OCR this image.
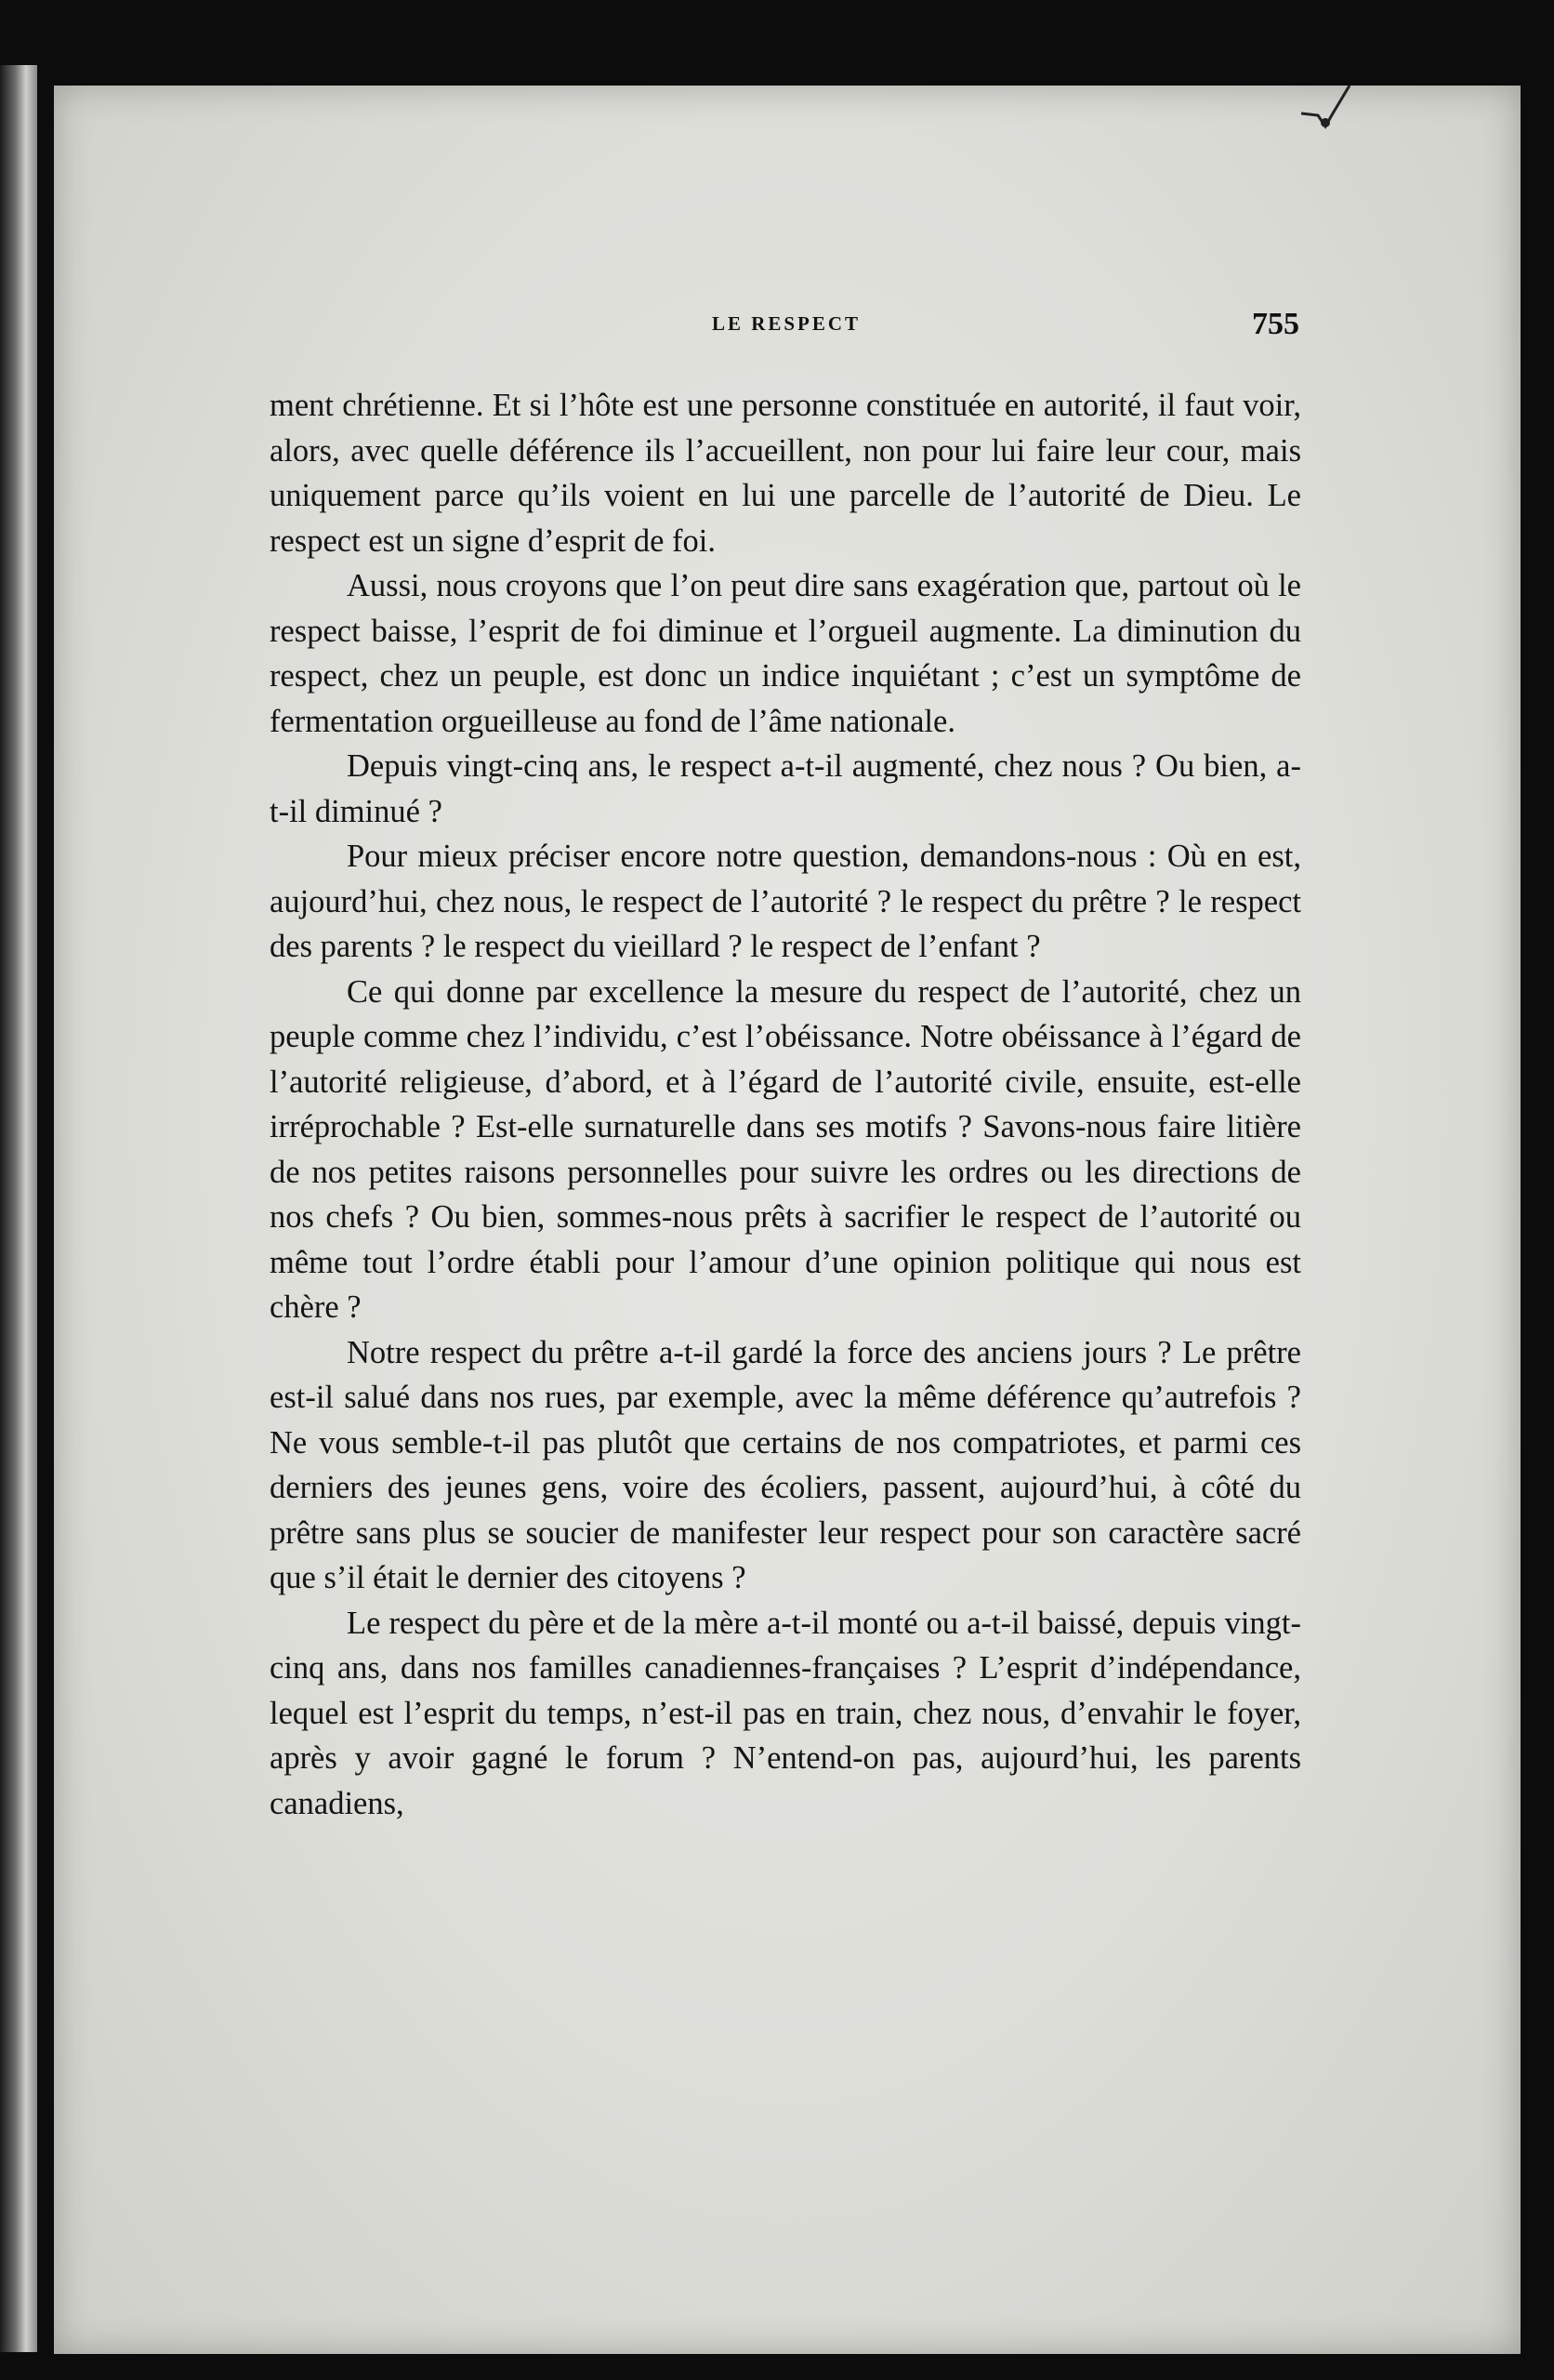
LE RESPECT	755

ment chrétienne. Et si l’hôte est une personne constituée en autorité, il faut voir, alors, avec quelle déférence ils l’accueillent, non pour lui faire leur cour, mais uniquement parce qu’ils voient en lui une parcelle de l’autorité de Dieu. Le respect est un signe d’esprit de foi.

Aussi, nous croyons que l’on peut dire sans exagération que, partout où le respect baisse, l’esprit de foi diminue et l’orgueil augmente. La diminution du respect, chez un peuple, est donc un indice inquiétant ; c’est un symptôme de fermentation orgueilleuse au fond de l’âme nationale.

Depuis vingt-cinq ans, le respect a-t-il augmenté, chez nous ? Ou bien, a-t-il diminué ?

Pour mieux préciser encore notre question, demandons-nous : Où en est, aujourd’hui, chez nous, le respect de l’autorité ? le respect du prêtre ? le respect des parents ? le respect du vieillard ? le respect de l’enfant ?

Ce qui donne par excellence la mesure du respect de l’autorité, chez un peuple comme chez l’individu, c’est l’obéissance. Notre obéissance à l’égard de l’autorité religieuse, d’abord, et à l’égard de l’autorité civile, ensuite, est-elle irréprochable ? Est-elle surnaturelle dans ses motifs ? Savons-nous faire litière de nos petites raisons personnelles pour suivre les ordres ou les directions de nos chefs ? Ou bien, sommes-nous prêts à sacrifier le respect de l’autorité ou même tout l’ordre établi pour l’amour d’une opinion politique qui nous est chère ?

Notre respect du prêtre a-t-il gardé la force des anciens jours ? Le prêtre est-il salué dans nos rues, par exemple, avec la même déférence qu’autrefois ? Ne vous semble-t-il pas plutôt que certains de nos compatriotes, et parmi ces derniers des jeunes gens, voire des écoliers, passent, aujourd’hui, à côté du prêtre sans plus se soucier de manifester leur respect pour son caractère sacré que s’il était le dernier des citoyens ?

Le respect du père et de la mère a-t-il monté ou a-t-il baissé, depuis vingt-cinq ans, dans nos familles canadiennes-françaises ? L’esprit d’indépendance, lequel est l’esprit du temps, n’est-il pas en train, chez nous, d’envahir le foyer, après y avoir gagné le forum ? N’entend-on pas, aujourd’hui, les parents canadiens,
